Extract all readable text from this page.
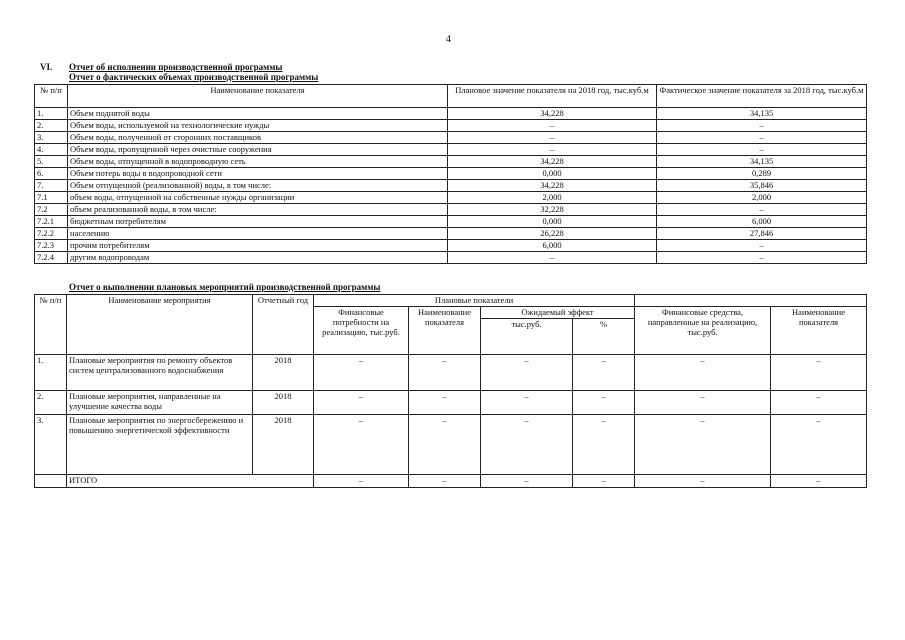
4
VI. Отчет об исполнении производственной программы
Отчет о фактических объемах производственной программы
№ п/п	Наименование показателя	Плановое значение показателя на 2018 год, тыс.куб.м	Фактическое значение показателя за 2018 год, тыс.куб.м
1.	Объем поднятой воды	34,228	34,135
2.	Объем воды, используемой на технологические нужды	–	–
3.	Объем воды, полученной от сторонних поставщиков	–	–
4.	Объем воды, пропущенной через очистные сооружения	–	–
5.	Объем воды, отпущенной в водопроводную сеть	34,228	34,135
6.	Объем потерь воды в водопроводной сети	0,000	0,289
7.	Объем отпущенной (реализованной) воды, в том числе:	34,228	35,846
7.1	объем воды, отпущенной на собственные нужды организации	2,000	2,000
7.2	объем реализованной воды, в том числе:	32,228	–
7.2.1	бюджетным потребителям	0,000	6,000
7.2.2	населению	26,228	27,846
7.2.3	прочим потребителям	6,000	–
7.2.4	другим водопроводам	–	–
Отчет о выполнении плановых мероприятий производственной программы
№ п/п	Наименование мероприятия	Отчетный год	Плановые показатели					
			Финансовые потребности на реализацию, тыс.руб.	Наименование показателя	Ожидаемый эффект		Финансовые средства, направленные на реализацию, тыс.руб.	Наименование показателя
					тыс.руб.	%		
1.	Плановые мероприятия по ремонту объектов систем централизованного водоснабжения	2018	–	–	–	–	–	–
2.	Плановые мероприятия, направленные на улучшение качества воды	2018	–	–	–	–	–	–
3.	Плановые мероприятия по энергосбережению и повышению энергетической эффективности	2018	–	–	–	–	–	–
	ИТОГО		–	–	–	–	–	–
